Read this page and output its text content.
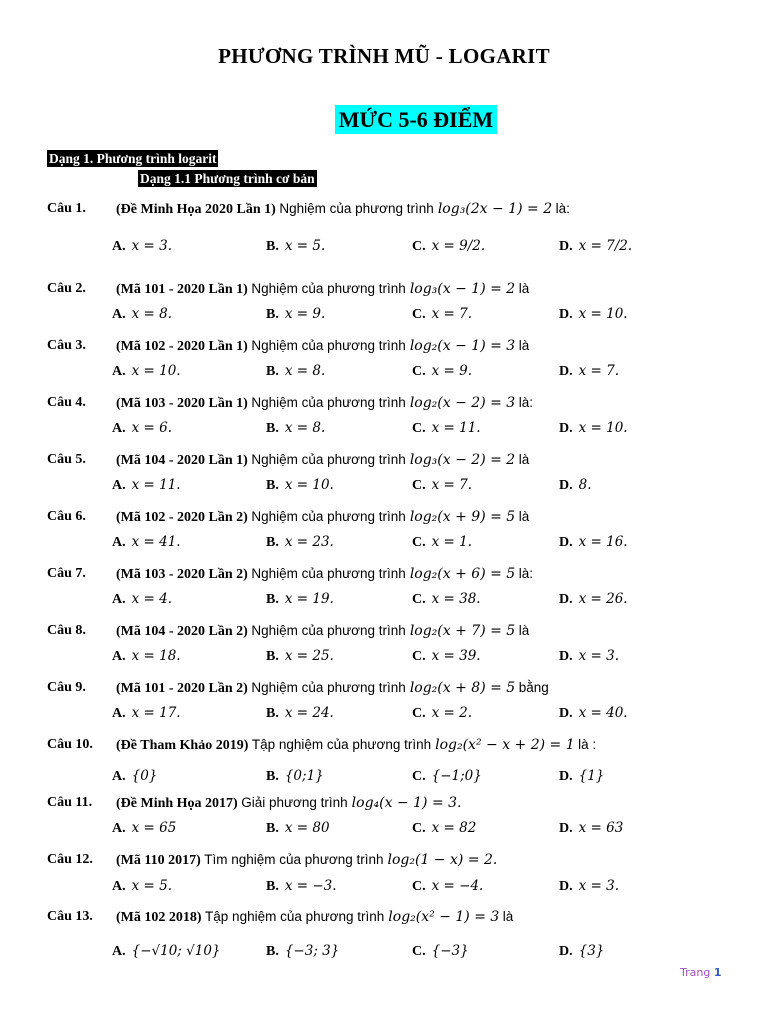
PHƯƠNG TRÌNH MŨ - LOGARIT
MỨC 5-6 ĐIỂM
Dạng 1. Phương trình logarit
Dạng 1.1 Phương trình cơ bản
Câu 1. (Đề Minh Họa 2020 Lần 1) Nghiệm của phương trình log₃(2x − 1) = 2 là:
A. x = 3.	B. x = 5.	C. x = 9/2.	D. x = 7/2.
Câu 2. (Mã 101 - 2020 Lần 1) Nghiệm của phương trình log₃(x − 1) = 2 là
A. x = 8.	B. x = 9.	C. x = 7.	D. x = 10.
Câu 3. (Mã 102 - 2020 Lần 1) Nghiệm của phương trình log₂(x − 1) = 3 là
A. x = 10.	B. x = 8.	C. x = 9.	D. x = 7.
Câu 4. (Mã 103 - 2020 Lần 1) Nghiệm của phương trình log₂(x − 2) = 3 là:
A. x = 6.	B. x = 8.	C. x = 11.	D. x = 10.
Câu 5. (Mã 104 - 2020 Lần 1) Nghiệm của phương trình log₃(x − 2) = 2 là
A. x = 11.	B. x = 10.	C. x = 7.	D. 8.
Câu 6. (Mã 102 - 2020 Lần 2) Nghiệm của phương trình log₂(x + 9) = 5 là
A. x = 41.	B. x = 23.	C. x = 1.	D. x = 16.
Câu 7. (Mã 103 - 2020 Lần 2) Nghiệm của phương trình log₂(x + 6) = 5 là:
A. x = 4.	B. x = 19.	C. x = 38.	D. x = 26.
Câu 8. (Mã 104 - 2020 Lần 2) Nghiệm của phương trình log₂(x + 7) = 5 là
A. x = 18.	B. x = 25.	C. x = 39.	D. x = 3.
Câu 9. (Mã 101 - 2020 Lần 2) Nghiệm của phương trình log₂(x + 8) = 5 bằng
A. x = 17.	B. x = 24.	C. x = 2.	D. x = 40.
Câu 10. (Đề Tham Khảo 2019) Tập nghiệm của phương trình log₂(x² − x + 2) = 1 là :
A. {0}	B. {0;1}	C. {−1;0}	D. {1}
Câu 11. (Đề Minh Họa 2017) Giải phương trình log₄(x − 1) = 3.
A. x = 65	B. x = 80	C. x = 82	D. x = 63
Câu 12. (Mã 110 2017) Tìm nghiệm của phương trình log₂(1 − x) = 2.
A. x = 5.	B. x = −3.	C. x = −4.	D. x = 3.
Câu 13. (Mã 102 2018) Tập nghiệm của phương trình log₂(x² − 1) = 3 là
A. {−√10; √10}	B. {−3; 3}	C. {−3}	D. {3}
Trang 1
